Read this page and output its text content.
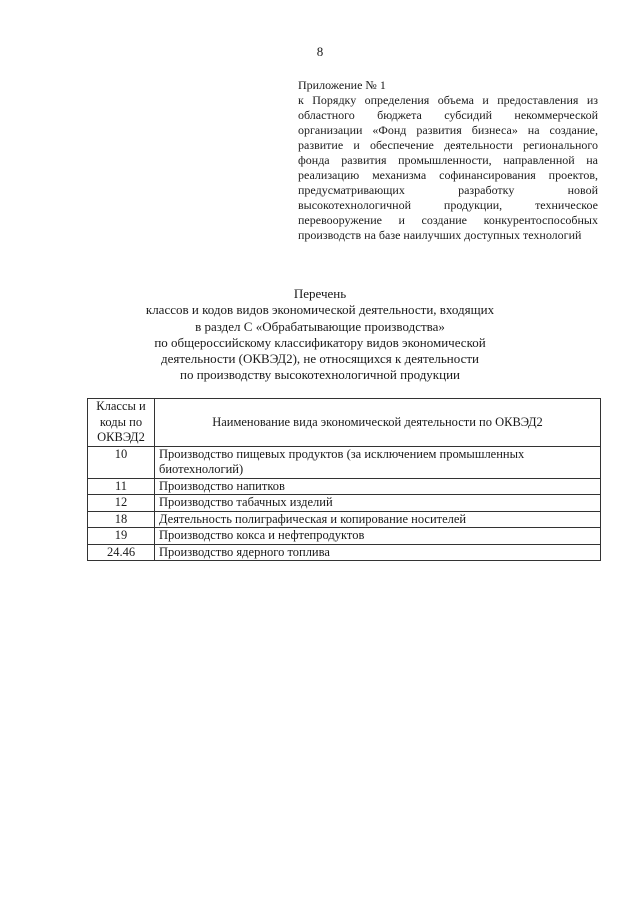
8
Приложение № 1
к Порядку определения объема и предоставления из областного бюджета субсидий некоммерческой организации «Фонд развития бизнеса» на создание, развитие и обеспечение деятельности регионального фонда развития промышленности, направленной на реализацию механизма софинансирования проектов, предусматривающих разработку новой высокотехнологичной продукции, техническое перевооружение и создание конкурентоспособных производств на базе наилучших доступных технологий
Перечень
классов и кодов видов экономической деятельности, входящих
в раздел С «Обрабатывающие производства»
по общероссийскому классификатору видов экономической
деятельности (ОКВЭД2), не относящихся к деятельности
по производству высокотехнологичной продукции
Классы и коды по ОКВЭД2	Наименование вида экономической деятельности по ОКВЭД2
10	Производство пищевых продуктов (за исключением промышленных биотехнологий)
11	Производство напитков
12	Производство табачных изделий
18	Деятельность полиграфическая и копирование носителей
19	Производство кокса и нефтепродуктов
24.46	Производство ядерного топлива
